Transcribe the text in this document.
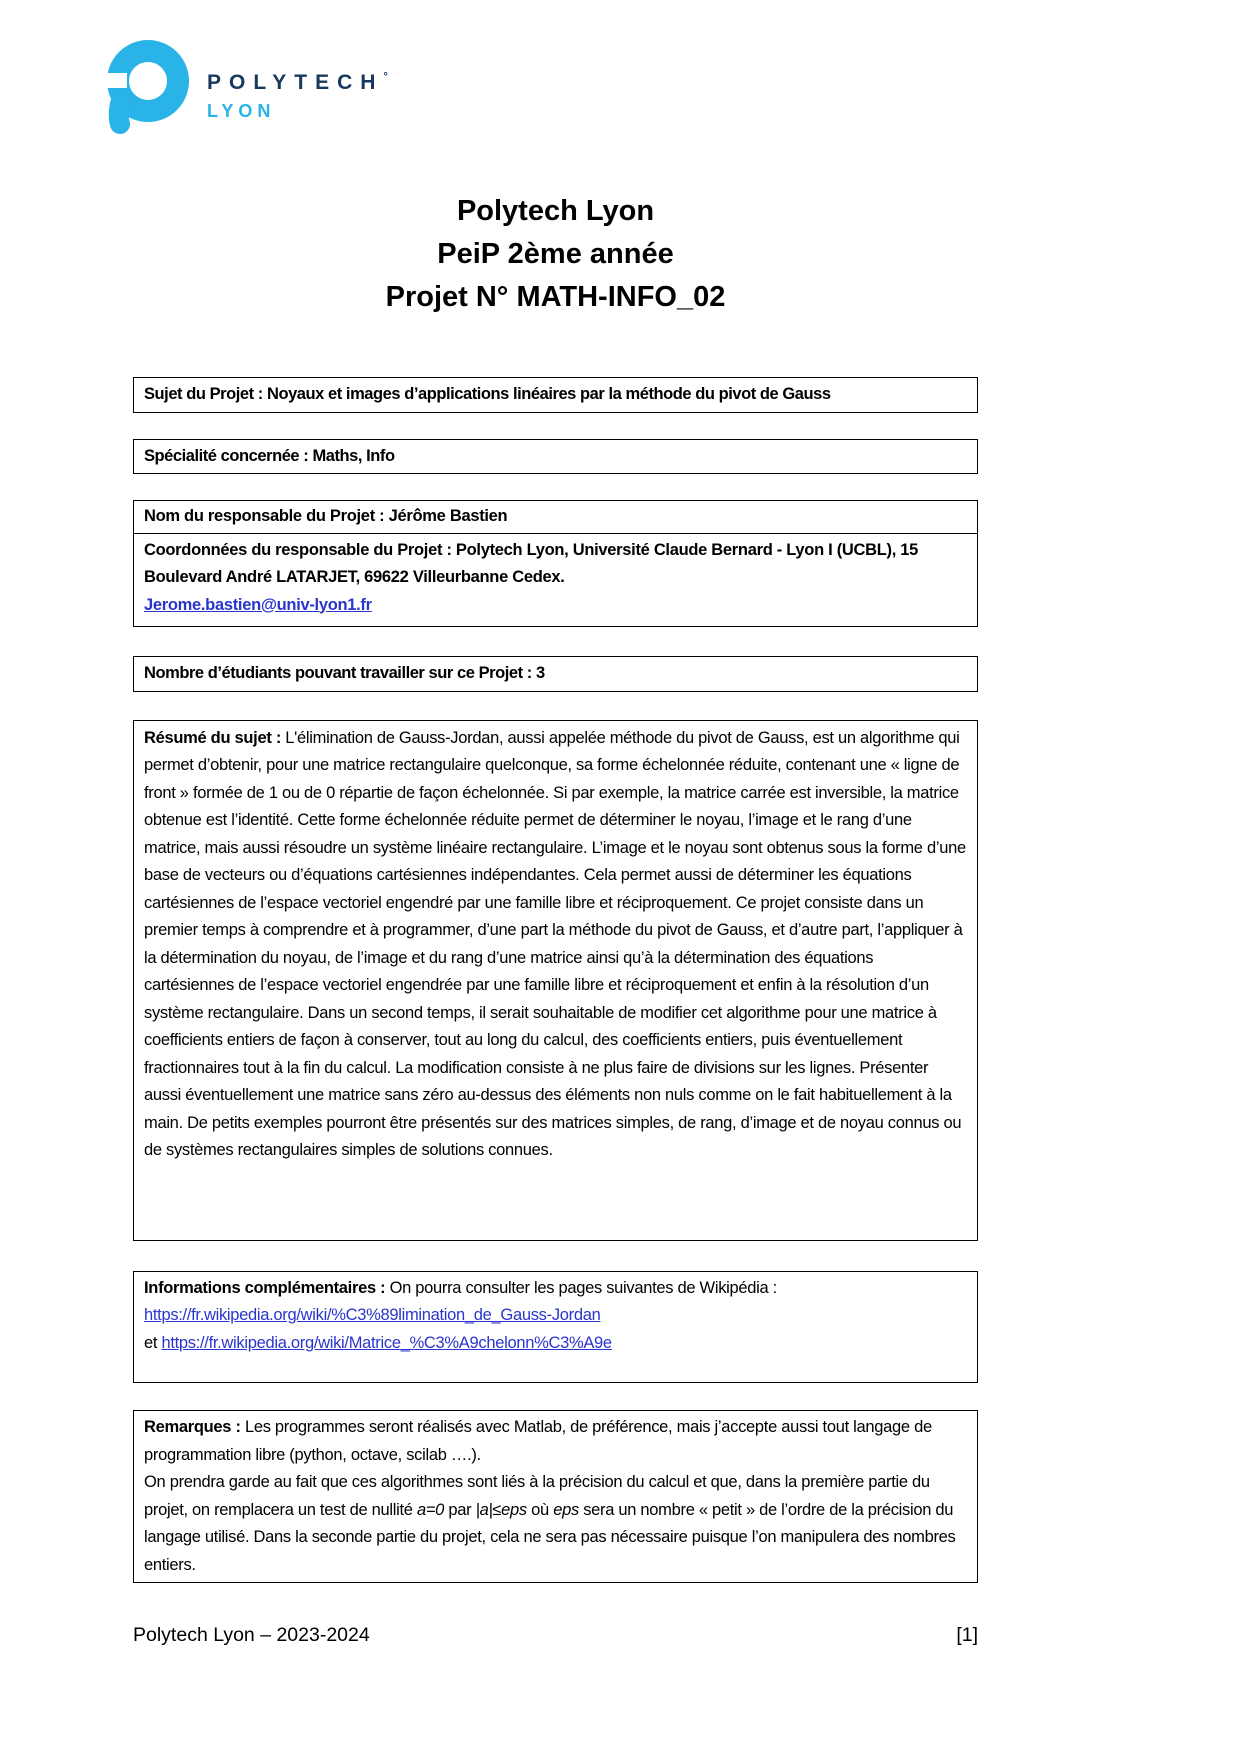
POLYTECH°
LYON
Polytech Lyon
PeiP 2ème année
Projet N° MATH-INFO_02

Sujet du Projet : Noyaux et images d’applications linéaires par la méthode du pivot de Gauss

Spécialité concernée : Maths, Info

Nom du responsable du Projet : Jérôme Bastien
Coordonnées du responsable du Projet : Polytech Lyon, Université Claude Bernard - Lyon I (UCBL), 15 Boulevard André LATARJET, 69622 Villeurbanne Cedex.
Jerome.bastien@univ-lyon1.fr

Nombre d’étudiants pouvant travailler sur ce Projet : 3

Résumé du sujet : L'élimination de Gauss-Jordan, aussi appelée méthode du pivot de Gauss, est un algorithme qui permet d’obtenir, pour une matrice rectangulaire quelconque, sa forme échelonnée réduite, contenant une « ligne de front » formée de 1 ou de 0 répartie de façon échelonnée. Si par exemple, la matrice carrée est inversible, la matrice obtenue est l’identité. Cette forme échelonnée réduite permet de déterminer le noyau, l’image et le rang d’une matrice, mais aussi résoudre un système linéaire rectangulaire. L’image et le noyau sont obtenus sous la forme d’une base de vecteurs ou d’équations cartésiennes indépendantes. Cela permet aussi de déterminer les équations cartésiennes de l’espace vectoriel engendré par une famille libre et réciproquement. Ce projet consiste dans un premier temps à comprendre et à programmer, d’une part la méthode du pivot de Gauss, et d’autre part, l’appliquer à la détermination du noyau, de l’image et du rang d’une matrice ainsi qu’à la détermination des équations cartésiennes de l’espace vectoriel engendrée par une famille libre et réciproquement et enfin à la résolution d’un système rectangulaire. Dans un second temps, il serait souhaitable de modifier cet algorithme pour une matrice à coefficients entiers de façon à conserver, tout au long du calcul, des coefficients entiers, puis éventuellement fractionnaires tout à la fin du calcul. La modification consiste à ne plus faire de divisions sur les lignes. Présenter aussi éventuellement une matrice sans zéro au-dessus des éléments non nuls comme on le fait habituellement à la main. De petits exemples pourront être présentés sur des matrices simples, de rang, d’image et de noyau connus ou de systèmes rectangulaires simples de solutions connues.

Informations complémentaires : On pourra consulter les pages suivantes de Wikipédia :
https://fr.wikipedia.org/wiki/%C3%89limination_de_Gauss-Jordan
et https://fr.wikipedia.org/wiki/Matrice_%C3%A9chelonn%C3%A9e

Remarques : Les programmes seront réalisés avec Matlab, de préférence, mais j’accepte aussi tout langage de programmation libre (python, octave, scilab ….).

On prendra garde au fait que ces algorithmes sont liés à la précision du calcul et que, dans la première partie du projet, on remplacera un test de nullité a=0 par |a|≤eps où eps sera un nombre « petit » de l’ordre de la précision du langage utilisé. Dans la seconde partie du projet, cela ne sera pas nécessaire puisque l’on manipulera des nombres entiers.

Polytech Lyon – 2023-2024	[1]
